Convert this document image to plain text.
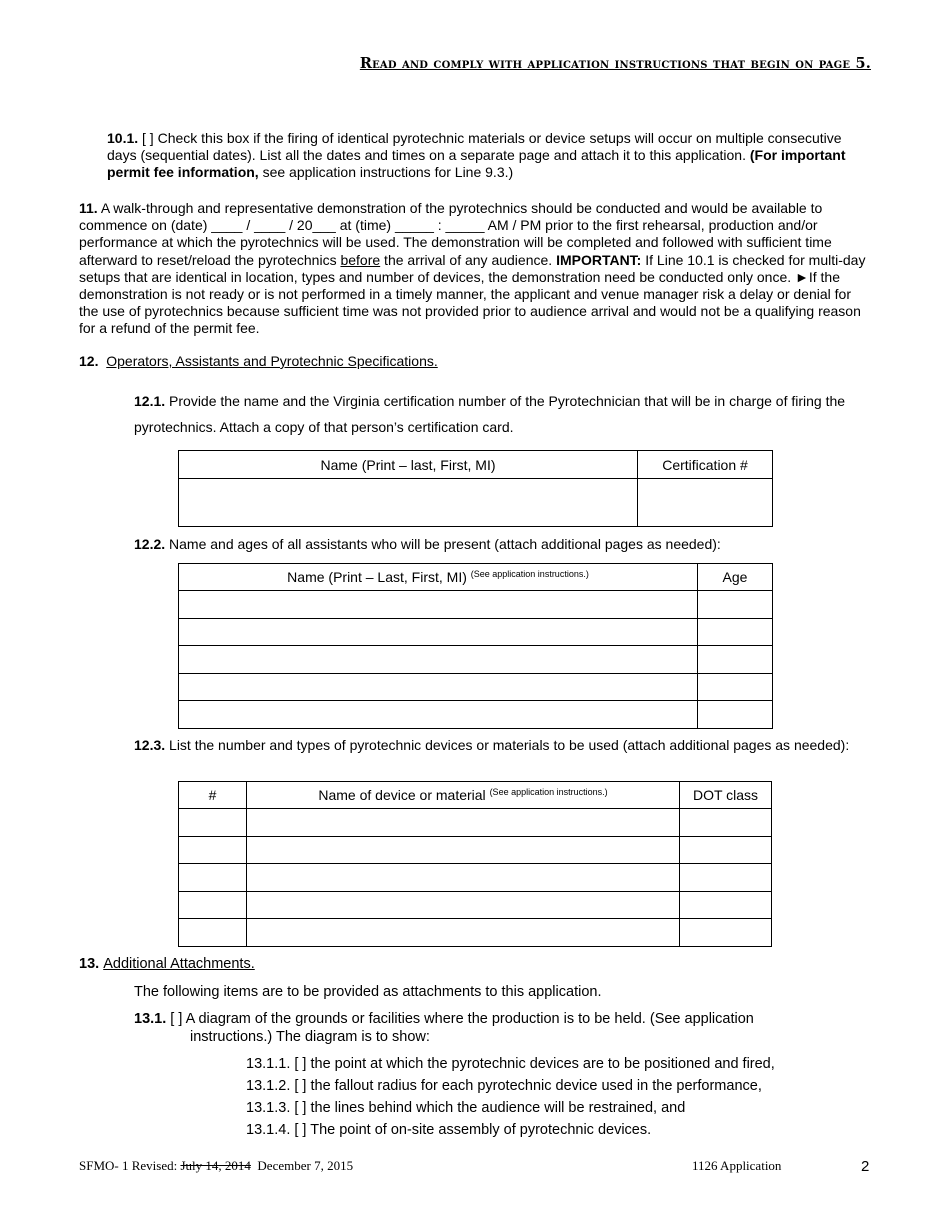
Read and comply with application instructions that begin on page 5.
10.1. [ ] Check this box if the firing of identical pyrotechnic materials or device setups will occur on multiple consecutive days (sequential dates). List all the dates and times on a separate page and attach it to this application. (For important permit fee information, see application instructions for Line 9.3.)
11. A walk-through and representative demonstration of the pyrotechnics should be conducted and would be available to commence on (date) ____ / ____ / 20___ at (time) _____ : _____ AM / PM prior to the first rehearsal, production and/or performance at which the pyrotechnics will be used. The demonstration will be completed and followed with sufficient time afterward to reset/reload the pyrotechnics before the arrival of any audience. IMPORTANT: If Line 10.1 is checked for multi-day setups that are identical in location, types and number of devices, the demonstration need be conducted only once. ►If the demonstration is not ready or is not performed in a timely manner, the applicant and venue manager risk a delay or denial for the use of pyrotechnics because sufficient time was not provided prior to audience arrival and would not be a qualifying reason for a refund of the permit fee.
12. Operators, Assistants and Pyrotechnic Specifications.
12.1. Provide the name and the Virginia certification number of the Pyrotechnician that will be in charge of firing the pyrotechnics. Attach a copy of that person’s certification card.
Name (Print – last, First, MI)	Certification #

12.2. Name and ages of all assistants who will be present (attach additional pages as needed):
Name (Print – Last, First, MI) $^{(See application instructions.)}$	Age

12.3. List the number and types of pyrotechnic devices or materials to be used (attach additional pages as needed):
#	Name of device or material $^{(See application instructions.)}$	DOT class

13. Additional Attachments.
The following items are to be provided as attachments to this application.
13.1. [ ] A diagram of the grounds or facilities where the production is to be held. (See application instructions.) The diagram is to show:
13.1.1. [ ] the point at which the pyrotechnic devices are to be positioned and fired,
13.1.2. [ ] the fallout radius for each pyrotechnic device used in the performance,
13.1.3. [ ] the lines behind which the audience will be restrained, and
13.1.4. [ ] The point of on-site assembly of pyrotechnic devices.
SFMO- 1 Revised: July 14, 2014  December 7, 2015	1126 Application	2
